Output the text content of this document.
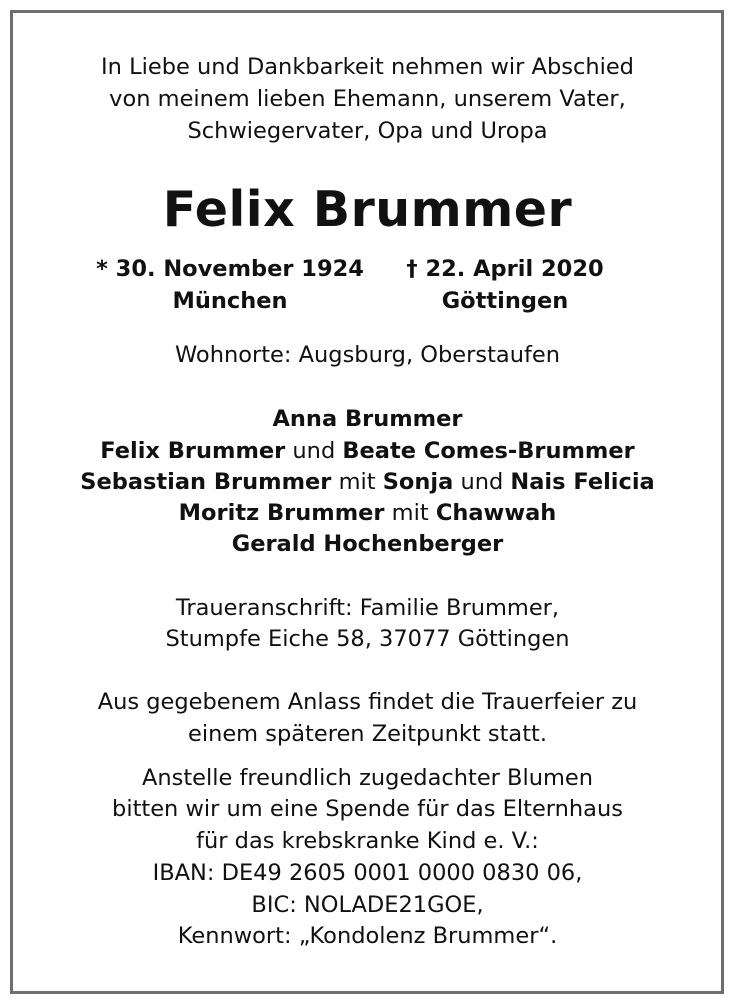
In Liebe und Dankbarkeit nehmen wir Abschied
von meinem lieben Ehemann, unserem Vater,
Schwiegervater, Opa und Uropa
Felix Brummer
* 30. November 1924
München
† 22. April 2020
Göttingen
Wohnorte: Augsburg, Oberstaufen
Anna Brummer
Felix Brummer und Beate Comes-Brummer
Sebastian Brummer mit Sonja und Nais Felicia
Moritz Brummer mit Chawwah
Gerald Hochenberger
Traueranschrift: Familie Brummer,
Stumpfe Eiche 58, 37077 Göttingen
Aus gegebenem Anlass findet die Trauerfeier zu
einem späteren Zeitpunkt statt.
Anstelle freundlich zugedachter Blumen
bitten wir um eine Spende für das Elternhaus
für das krebskranke Kind e. V.:
IBAN: DE49 2605 0001 0000 0830 06,
BIC: NOLADE21GOE,
Kennwort: „Kondolenz Brummer“.
